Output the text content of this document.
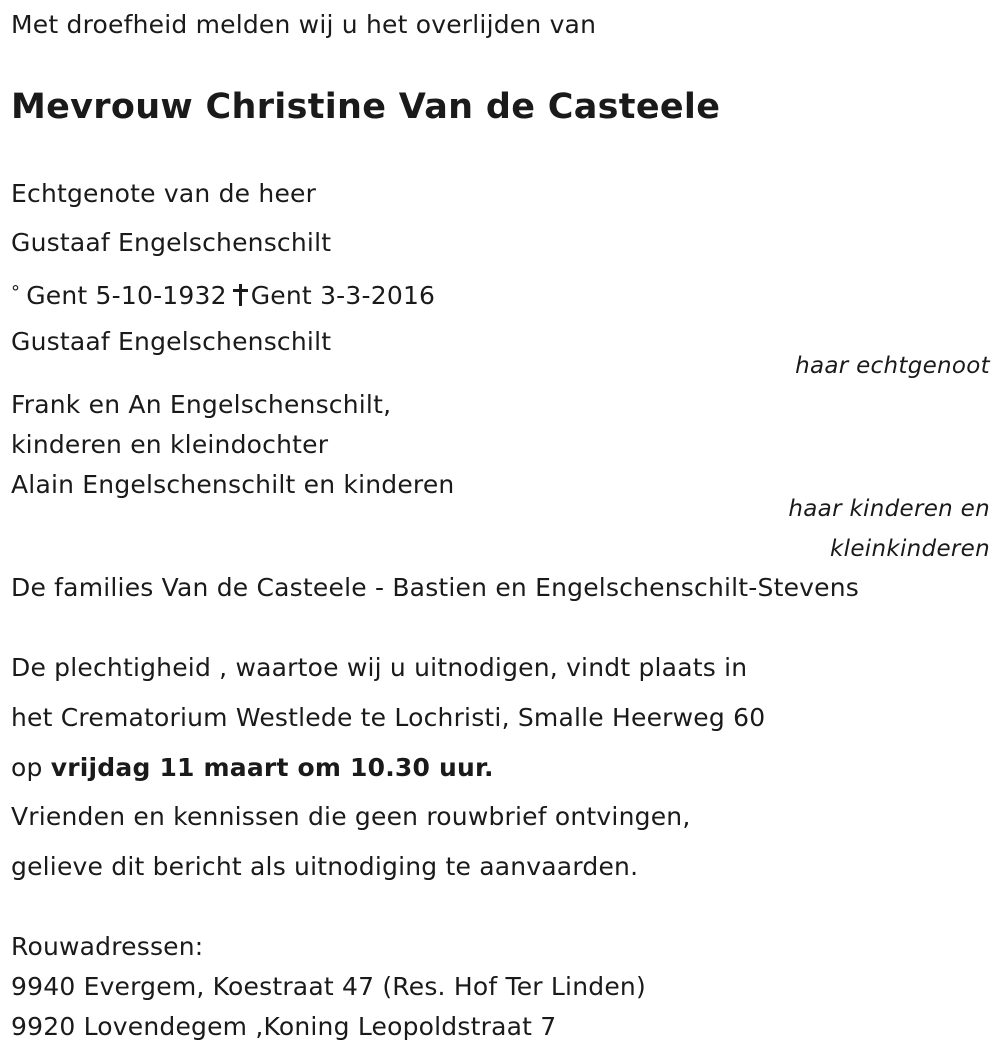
Met droefheid melden wij u het overlijden van
Mevrouw Christine Van de Casteele
Echtgenote van de heer
Gustaaf Engelschenschilt
° Gent 5-10-1932 Gent 3-3-2016
Gustaaf Engelschenschilt
haar echtgenoot
Frank en An Engelschenschilt,
kinderen en kleindochter
Alain Engelschenschilt en kinderen
haar kinderen en
kleinkinderen
De families Van de Casteele - Bastien en Engelschenschilt-Stevens
De plechtigheid , waartoe wij u uitnodigen, vindt plaats in
het Crematorium Westlede te Lochristi, Smalle Heerweg 60
op vrijdag 11 maart om 10.30 uur.
Vrienden en kennissen die geen rouwbrief ontvingen,
gelieve dit bericht als uitnodiging te aanvaarden.
Rouwadressen:
9940 Evergem, Koestraat 47 (Res. Hof Ter Linden)
9920 Lovendegem ,Koning Leopoldstraat 7
